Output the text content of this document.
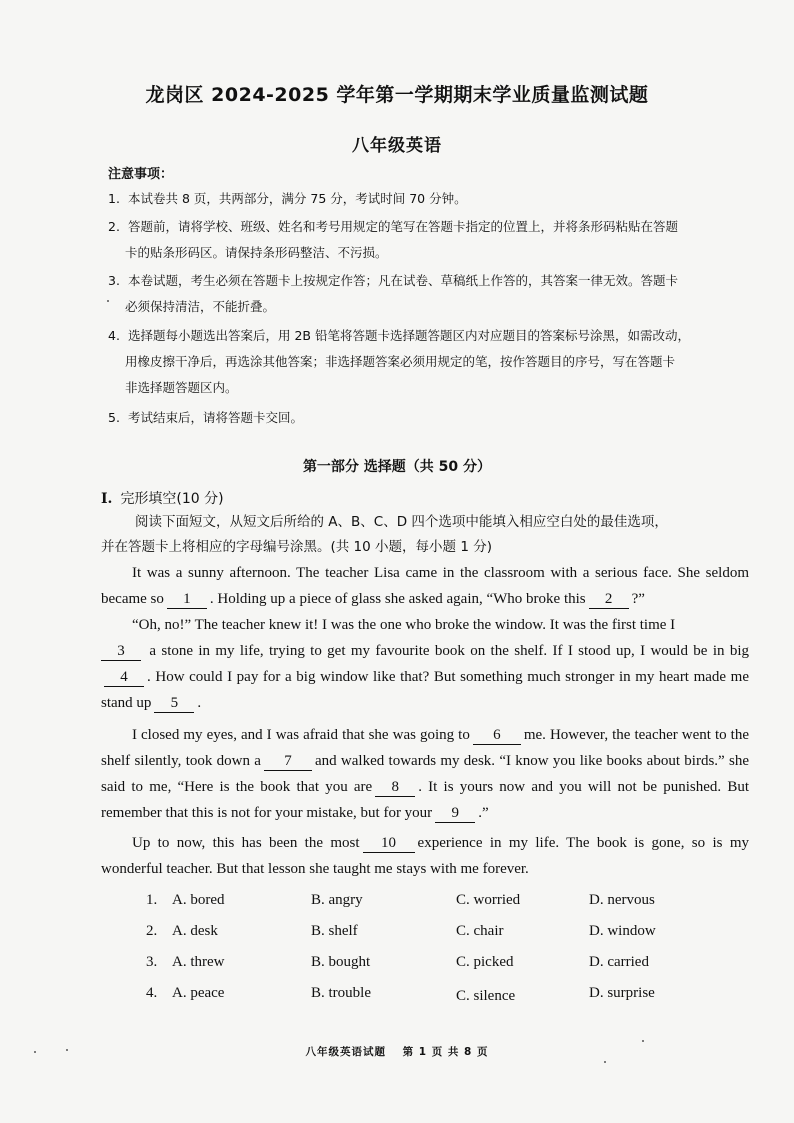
龙岗区 2024-2025 学年第一学期期末学业质量监测试题
八年级英语
注意事项：
1. 本试卷共 8 页，共两部分，满分 75 分，考试时间 70 分钟。
2. 答题前，请将学校、班级、姓名和考号用规定的笔写在答题卡指定的位置上，并将条形码粘贴在答题
卡的贴条形码区。请保持条形码整洁、不污损。
3. 本卷试题，考生必须在答题卡上按规定作答；凡在试卷、草稿纸上作答的，其答案一律无效。答题卡
必须保持清洁，不能折叠。
4. 选择题每小题选出答案后，用 2B 铅笔将答题卡选择题答题区内对应题目的答案标号涂黑，如需改动，
用橡皮擦干净后，再选涂其他答案；非选择题答案必须用规定的笔，按作答题目的序号，写在答题卡
非选择题答题区内。
5. 考试结束后，请将答题卡交回。
第一部分 选择题（共 50 分）
I. 完形填空(10 分)
阅读下面短文，从短文后所给的 A、B、C、D 四个选项中能填入相应空白处的最佳选项，
并在答题卡上将相应的字母编号涂黑。(共 10 小题，每小题 1 分)
It was a sunny afternoon. The teacher Lisa came in the classroom with a serious face. She seldom became so 1 . Holding up a piece of glass she asked again, “Who broke this 2 ?”
“Oh, no!” The teacher knew it! I was the one who broke the window. It was the first time I
3 a stone in my life, trying to get my favourite book on the shelf. If I stood up, I would be in big4 . How could I pay for a big window like that? But something much stronger in my heart made me stand up 5 .
I closed my eyes, and I was afraid that she was going to 6 me. However, the teacher went to the shelf silently, took down a 7 and walked towards my desk. “I know you like books about birds.” she said to me, “Here is the book that you are 8 . It is yours now and you will not be punished. But remember that this is not for your mistake, but for your 9 .”
Up to now, this has been the most 10 experience in my life. The book is gone, so is my wonderful teacher. But that lesson she taught me stays with me forever.
1. A. bored	B. angry	C. worried	D. nervous
2. A. desk	B. shelf	C. chair	D. window
3. A. threw	B. bought	C. picked	D. carried
4. A. peace	B. trouble	C. silence	D. surprise
八年级英语试题 第 1 页 共 8 页
